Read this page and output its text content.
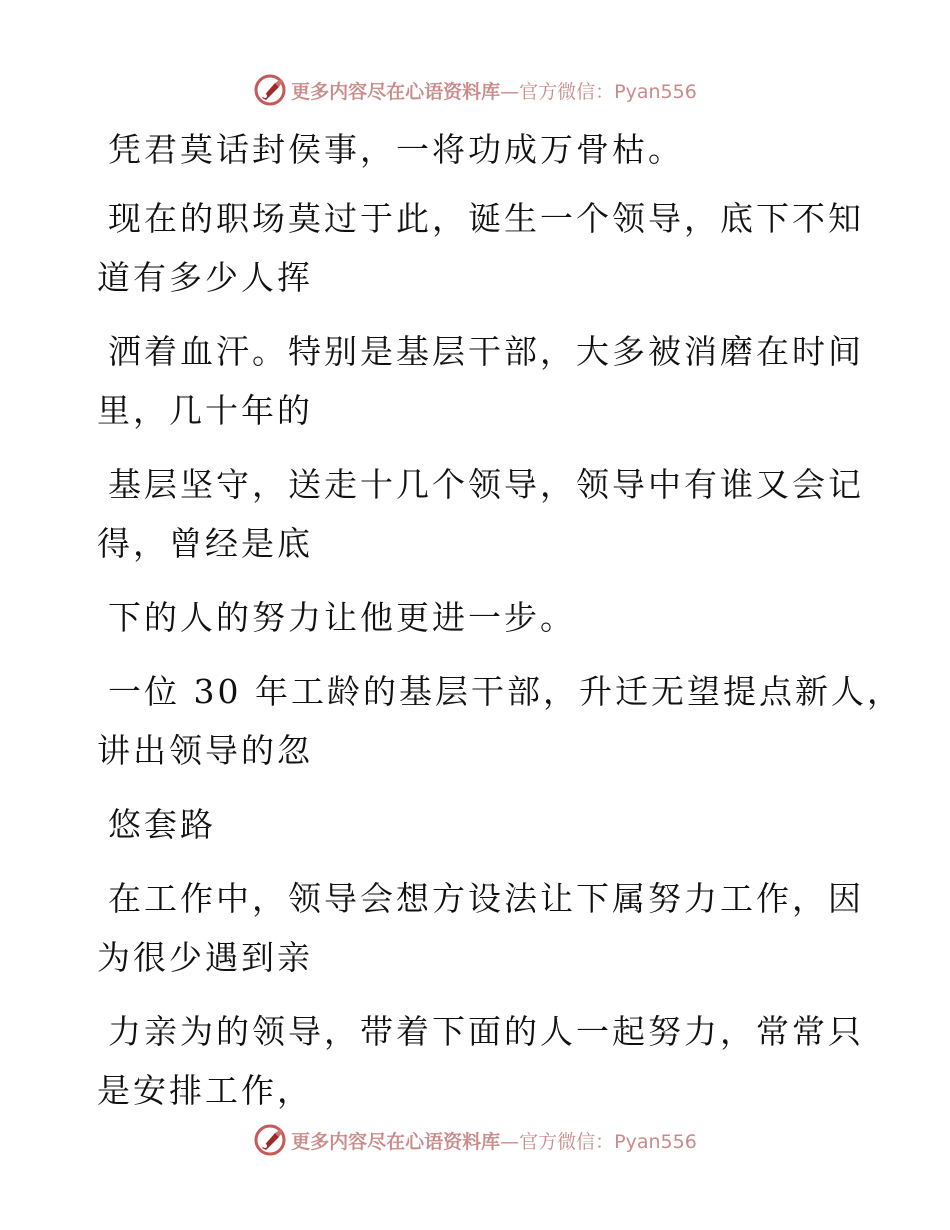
更多内容尽在心语资料库 —官方微信：Pyan556
凭君莫话封侯事，一将功成万骨枯。
现在的职场莫过于此，诞生一个领导，底下不知
道有多少人挥
洒着血汗。特别是基层干部，大多被消磨在时间
里，几十年的
基层坚守，送走十几个领导，领导中有谁又会记
得，曾经是底
下的人的努力让他更进一步。
一位 30 年工龄的基层干部，升迁无望提点新人，
讲出领导的忽
悠套路
在工作中，领导会想方设法让下属努力工作，因
为很少遇到亲
力亲为的领导，带着下面的人一起努力，常常只
是安排工作，
更多内容尽在心语资料库 —官方微信：Pyan556
